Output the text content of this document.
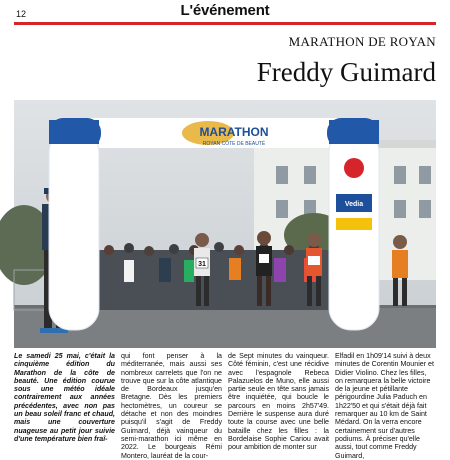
12	L'événement
MARATHON DE ROYAN
Freddy Guimard
31
MARATHON
ROYAN CÔTE DE BEAUTÉ
Vedia
Le samedi 25 mai, c'était la cinquième édition du Marathon de la côte de beauté. Une édition courue sous une météo idéale contrairement aux années précédentes, avec non pas un beau soleil franc et chaud, mais une couverture nuageuse au petit jour suivie d'une température bien fraî-
qui font penser à la méditerranée, mais aussi ses nombreux carrelets que l'on ne trouve que sur la côte atlantique de Bordeaux jusqu'en Bretagne. Dès les premiers hectomètres, un coureur se détache et non des moindres puisqu'il s'agit de Freddy Guimard, déjà vainqueur du semi-marathon ici même en 2022. Le bourgeais Rémi Montero, lauréat de la cour-
de Sept minutes du vainqueur. Côté féminin, c'est une récidive avec l'espagnole Rebeca Palazuelos de Muno, elle aussi partie seule en tête sans jamais être inquiétée, qui boucle le parcours en moins 2h57'49. Derrière le suspense aura duré toute la course avec une belle bataille chez les filles : la Bordelaise Sophie Cariou avait pour ambition de monter sur
Elfadil en 1h09'14 suivi à deux minutes de Corentin Mounier et Didier Violino. Chez les filles, on remarquera la belle victoire de la jeune et pétillante périgourdine Julia Paduch en 1h22'50 et qui s'était déjà fait remarquer au 10 km de Saint Médard. On la verra encore certainement sur d'autres podiums. À préciser qu'elle aussi, tout comme Freddy Guimard,
